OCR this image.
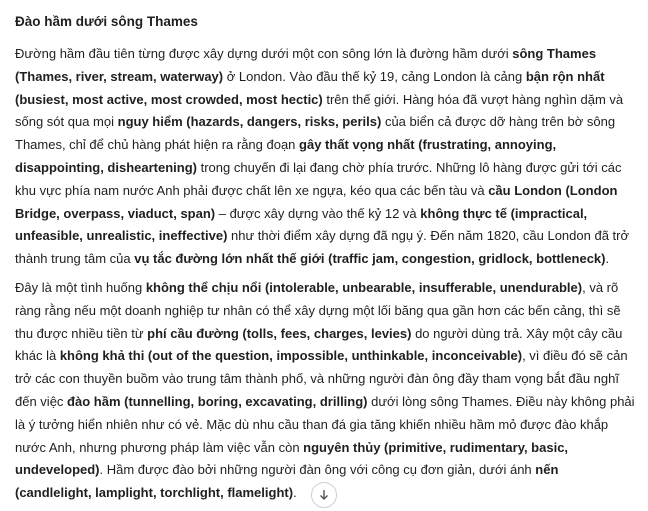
Đào hầm dưới sông Thames

Đường hầm đầu tiên từng được xây dựng dưới một con sông lớn là đường hầm dưới sông Thames (Thames, river, stream, waterway) ở London. Vào đầu thế kỷ 19, cảng London là cảng bận rộn nhất (busiest, most active, most crowded, most hectic) trên thế giới. Hàng hóa đã vượt hàng nghìn dặm và sống sót qua mọi nguy hiểm (hazards, dangers, risks, perils) của biển cả được dỡ hàng trên bờ sông Thames, chỉ để chủ hàng phát hiện ra rằng đoạn gây thất vọng nhất (frustrating, annoying, disappointing, disheartening) trong chuyến đi lại đang chờ phía trước. Những lô hàng được gửi tới các khu vực phía nam nước Anh phải được chất lên xe ngựa, kéo qua các bến tàu và cầu London (London Bridge, overpass, viaduct, span) – được xây dựng vào thế kỷ 12 và không thực tế (impractical, unfeasible, unrealistic, ineffective) như thời điểm xây dựng đã ngụ ý. Đến năm 1820, cầu London đã trở thành trung tâm của vụ tắc đường lớn nhất thế giới (traffic jam, congestion, gridlock, bottleneck).

Đây là một tình huống không thể chịu nổi (intolerable, unbearable, insufferable, unendurable), và rõ ràng rằng nếu một doanh nghiệp tư nhân có thể xây dựng một lối băng qua gần hơn các bến cảng, thì sẽ thu được nhiều tiền từ phí cầu đường (tolls, fees, charges, levies) do người dùng trả. Xây một cây cầu khác là không khả thi (out of the question, impossible, unthinkable, inconceivable), vì điều đó sẽ cản trở các con thuyền buồm vào trung tâm thành phố, và những người đàn ông đầy tham vọng bắt đầu nghĩ đến việc đào hầm (tunnelling, boring, excavating, drilling) dưới lòng sông Thames. Điều này không phải là ý tưởng hiển nhiên như có vẻ. Mặc dù nhu cầu than đá gia tăng khiến nhiều hầm mỏ được đào khắp nước Anh, nhưng phương pháp làm việc vẫn còn nguyên thủy (primitive, rudimentary, basic, undeveloped). Hầm được đào bởi những người đàn ông với công cụ đơn giản, dưới ánh nến (candlelight, lamplight, torchlight, flamelight).
